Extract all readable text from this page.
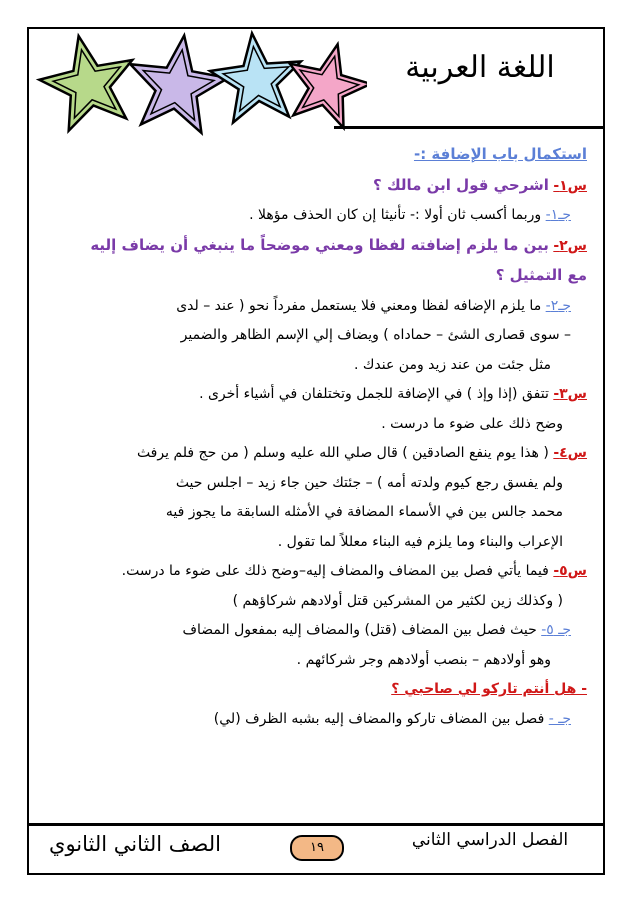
اللغة العربية
استكمال باب الإضافة :-
س١- اشرحي قول ابن مالك ؟
جـ١- وربما أكسب ثان أولا :- تأنيثا إن كان الحذف مؤهلا .
س٢- بين ما يلزم إضافته لفظا ومعني موضحاً ما ينبغي أن يضاف إليه
مع التمثيل ؟
جـ٢- ما يلزم الإضافه لفظا ومعني فلا يستعمل مفرداً نحو ( عند – لدى
– سوى قصارى الشئ – حماداه ) ويضاف إلي الإسم الظاهر والضمير
مثل جئت من عند زيد ومن عندك .
س٣- تتفق (إذا وإذ ) في الإضافة للجمل وتختلفان في أشياء أخرى .
وضح ذلك على ضوء ما درست .
س٤- ( هذا يوم ينفع الصادقين ) قال صلي الله عليه وسلم ( من حج فلم يرفث
ولم يفسق رجع كيوم ولدته أمه ) – جئتك حين جاء زيد – اجلس حيث
محمد جالس بين في الأسماء المضافة في الأمثله السابقة ما يجوز فيه
الإعراب والبناء وما يلزم فيه البناء معللاً لما تقول .
س٥- فيما يأتي فصل بين المضاف والمضاف إليه–وضح ذلك على ضوء ما درست.
( وكذلك زين لكثير من المشركين قتل أولادهم شركاؤهم )
جـ ٥- حيث فصل بين المضاف (قتل) والمضاف إليه بمفعول المضاف
وهو أولادهم – بنصب أولادهم وجر شركائهم .
- هل أنتم تاركو لي صاحبي ؟
جـ - فصل بين المضاف تاركو والمضاف إليه بشبه الظرف (لي)
الفصل الدراسي الثاني
١٩
الصف الثاني الثانوي
